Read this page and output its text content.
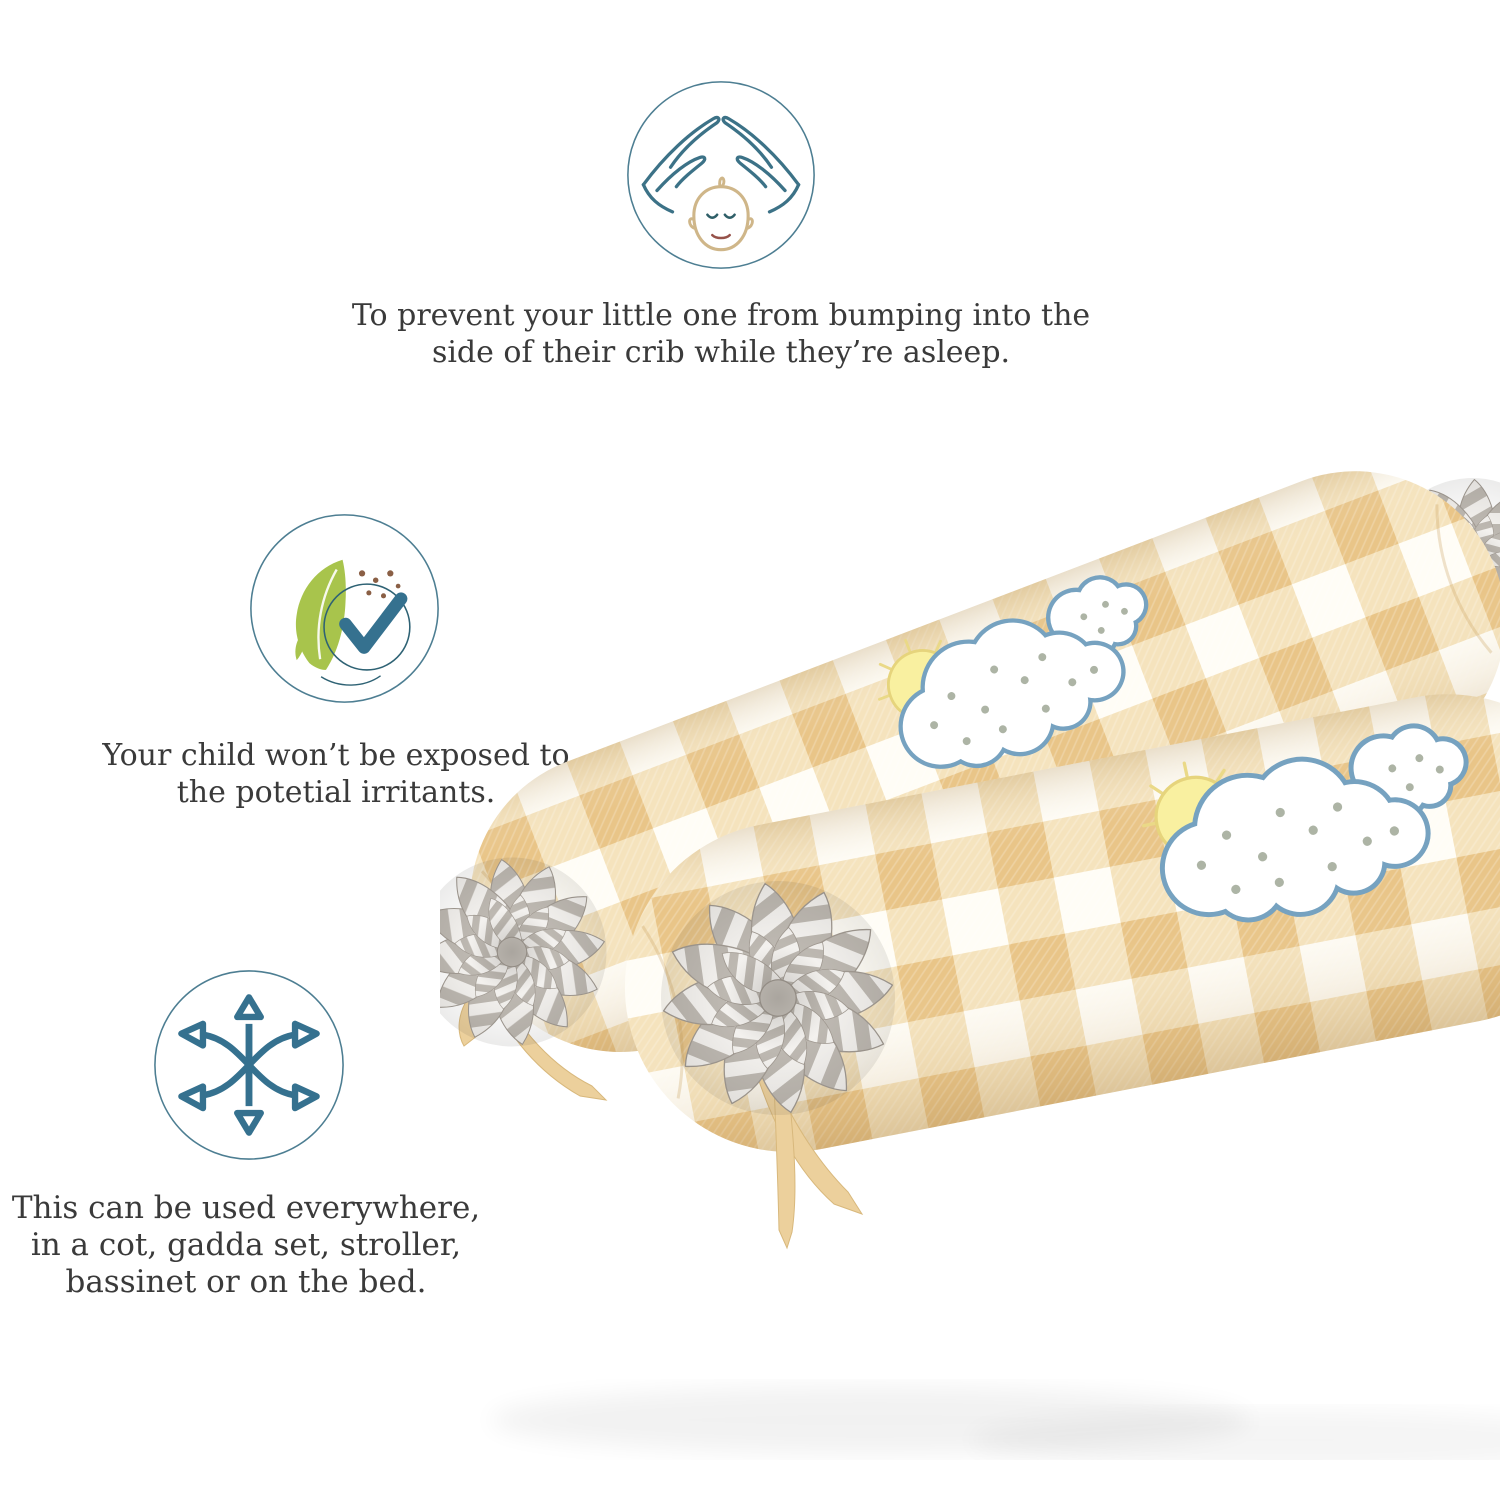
To prevent your little one from bumping into the
side of their crib while they’re asleep.
Your child won’t be exposed to
the potetial irritants.
This can be used everywhere,
in a cot, gadda set, stroller,
bassinet or on the bed.
